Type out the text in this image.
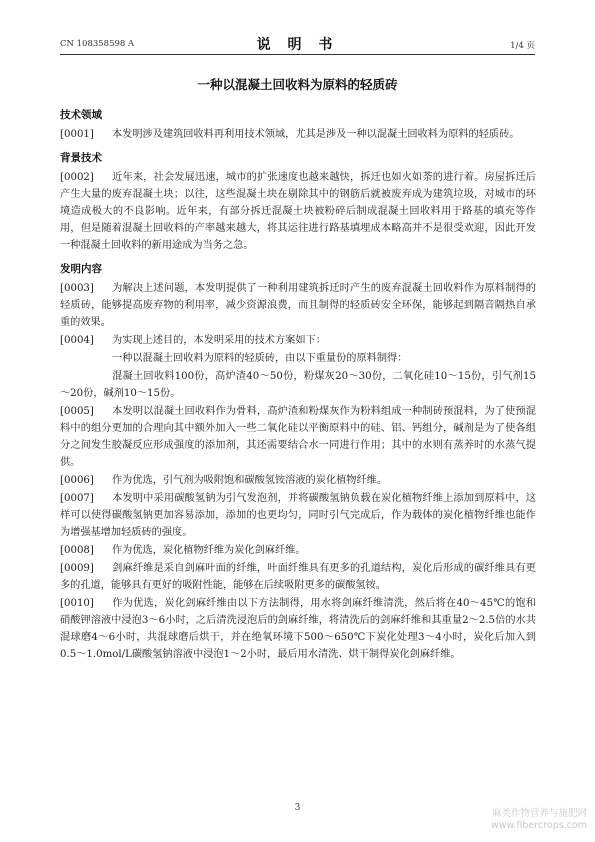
CN 108358598 A	说 明 书	1/4 页
一种以混凝土回收料为原料的轻质砖
技术领域

[0001] 本发明涉及建筑回收料再利用技术领域，尤其是涉及一种以混凝土回收料为原料的轻质砖。

背景技术

[0002] 近年来，社会发展迅速，城市的扩张速度也越来越快，拆迁也如火如荼的进行着。房屋拆迁后产生大量的废弃混凝土块；以往，这些混凝土块在剔除其中的钢筋后就被废弃成为建筑垃圾，对城市的环境造成极大的不良影响。近年来，有部分拆迁混凝土块被粉碎后制成混凝土回收料用于路基的填充等作用，但是随着混凝土回收料的产率越来越大，将其运往进行路基填埋成本略高并不是很受欢迎，因此开发一种混凝土回收料的新用途成为当务之急。

发明内容

[0003] 为解决上述问题，本发明提供了一种利用建筑拆迁时产生的废弃混凝土回收料作为原料制得的轻质砖，能够提高废弃物的利用率，减少资源浪费，而且制得的轻质砖安全环保，能够起到隔音隔热自承重的效果。

[0004] 为实现上述目的，本发明采用的技术方案如下：

一种以混凝土回收料为原料的轻质砖，由以下重量份的原料制得：

混凝土回收料100份，高炉渣40～50份，粉煤灰20～30份，二氧化硅10～15份，引气剂15～20份，碱剂10～15份。

[0005] 本发明以混凝土回收料作为骨料，高炉渣和粉煤灰作为粉料组成一种制砖预混料，为了使预混料中的组分更加的合理向其中额外加入一些二氧化硅以平衡原料中的硅、铝、钙组分，碱剂是为了使各组分之间发生胶凝反应形成强度的添加剂，其还需要结合水一同进行作用；其中的水则有蒸养时的水蒸气提供。

[0006] 作为优选，引气剂为吸附饱和碳酸氢铵溶液的炭化植物纤维。

[0007] 本发明中采用碳酸氢钠为引气发泡剂，并将碳酸氢钠负载在炭化植物纤维上添加到原料中，这样可以使得碳酸氢钠更加容易添加，添加的也更均匀，同时引气完成后，作为载体的炭化植物纤维也能作为增强基增加轻质砖的强度。

[0008] 作为优选，炭化植物纤维为炭化剑麻纤维。

[0009] 剑麻纤维是采自剑麻叶面的纤维，叶面纤维具有更多的孔道结构，炭化后形成的碳纤维具有更多的孔道，能够具有更好的吸附性能，能够在后续吸附更多的碳酸氢铵。

[0010] 作为优选，炭化剑麻纤维由以下方法制得，用水将剑麻纤维清洗，然后将在40～45℃的饱和硝酸钾溶液中浸泡3～6小时，之后清洗浸泡后的剑麻纤维，将清洗后的剑麻纤维和其重量2～2.5倍的水共混球磨4～6小时，共混球磨后烘干，并在绝氧环境下500～650℃下炭化处理3～4小时，炭化后加入到0.5～1.0mol/L碳酸氢钠溶液中浸泡1～2小时，最后用水清洗、烘干制得炭化剑麻纤维。

3	麻类作物营养与施肥网
www.fibercrops.com
